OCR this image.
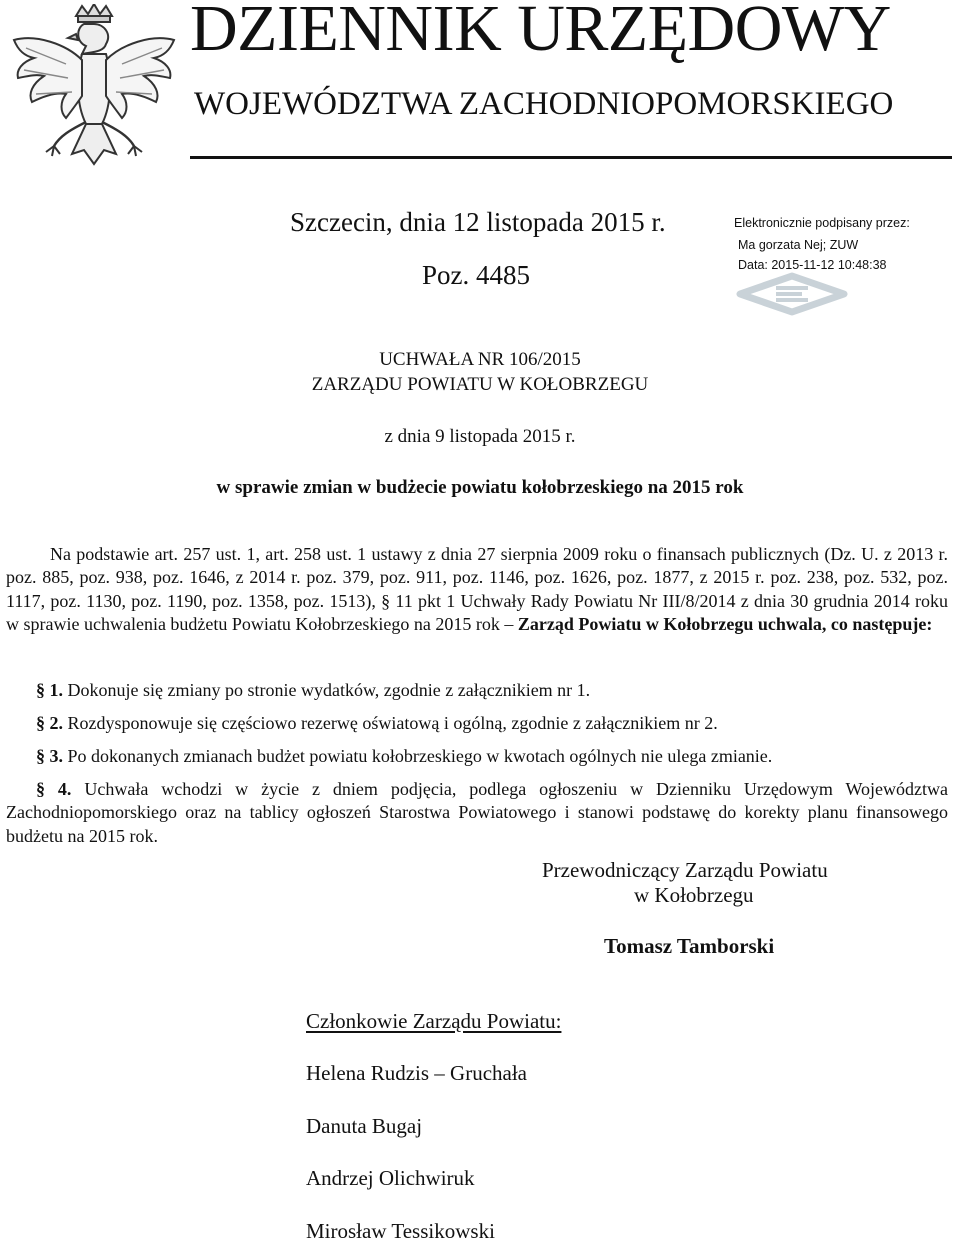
DZIENNIK URZĘDOWY
WOJEWÓDZTWA ZACHODNIOPOMORSKIEGO
Szczecin, dnia 12 listopada 2015 r.
Poz. 4485
Elektronicznie podpisany przez:
Ma gorzata Nej; ZUW
Data: 2015-11-12 10:48:38
UCHWAŁA NR 106/2015
ZARZĄDU POWIATU W KOŁOBRZEGU
z dnia 9 listopada 2015 r.
w sprawie zmian w budżecie powiatu kołobrzeskiego na 2015 rok
Na podstawie art. 257 ust. 1, art. 258 ust. 1 ustawy z dnia 27 sierpnia 2009 roku o finansach publicznych (Dz. U. z 2013 r. poz. 885, poz. 938, poz. 1646, z 2014 r. poz. 379, poz. 911, poz. 1146, poz. 1626, poz. 1877, z 2015 r. poz. 238, poz. 532, poz. 1117, poz. 1130, poz. 1190, poz. 1358, poz. 1513), § 11 pkt 1 Uchwały Rady Powiatu Nr III/8/2014 z dnia 30 grudnia 2014 roku w sprawie uchwalenia budżetu Powiatu Kołobrzeskiego na 2015 rok – Zarząd Powiatu w Kołobrzegu uchwala, co następuje:
§ 1. Dokonuje się zmiany po stronie wydatków, zgodnie z załącznikiem nr 1.
§ 2. Rozdysponowuje się częściowo rezerwę oświatową i ogólną, zgodnie z załącznikiem nr 2.
§ 3. Po dokonanych zmianach budżet powiatu kołobrzeskiego w kwotach ogólnych nie ulega zmianie.
§ 4. Uchwała wchodzi w życie z dniem podjęcia, podlega ogłoszeniu w Dzienniku Urzędowym Województwa Zachodniopomorskiego oraz na tablicy ogłoszeń Starostwa Powiatowego i stanowi podstawę do korekty planu finansowego budżetu na 2015 rok.
Przewodniczący Zarządu Powiatu
w Kołobrzegu
Tomasz Tamborski
Członkowie Zarządu Powiatu:
Helena Rudzis – Gruchała
Danuta Bugaj
Andrzej Olichwiruk
Mirosław Tessikowski
